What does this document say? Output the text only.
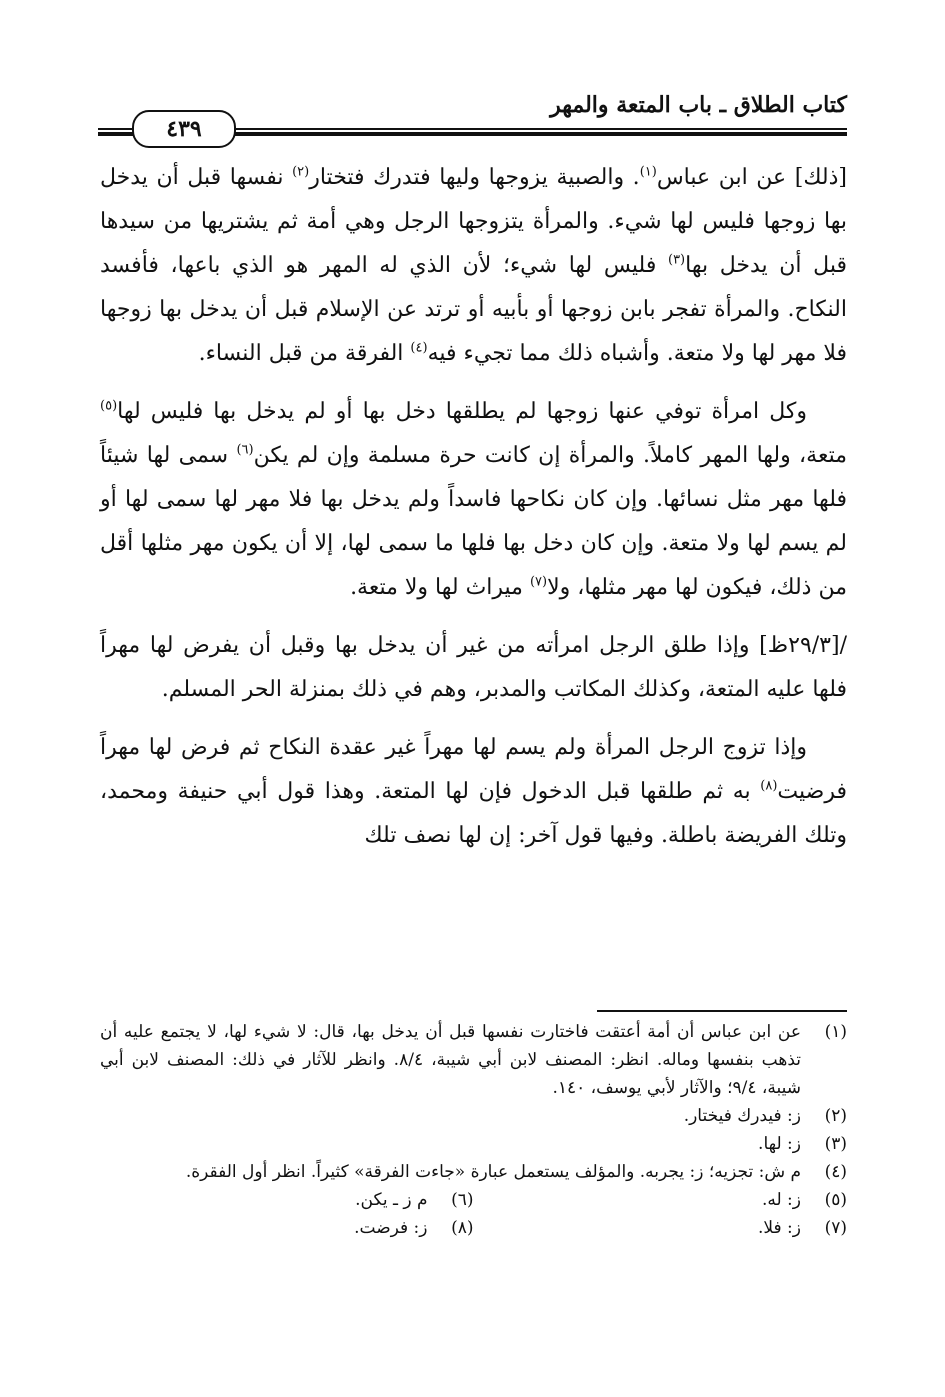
كتاب الطلاق ـ باب المتعة والمهر
٤٣٩

[ذلك] عن ابن عباس$^{(١)}$. والصبية يزوجها وليها فتدرك فتختار$^{(٢)}$ نفسها قبل أن يدخل بها زوجها فليس لها شيء. والمرأة يتزوجها الرجل وهي أمة ثم يشتريها من سيدها قبل أن يدخل بها$^{(٣)}$ فليس لها شيء؛ لأن الذي له المهر هو الذي باعها، فأفسد النكاح. والمرأة تفجر بابن زوجها أو بأبيه أو ترتد عن الإسلام قبل أن يدخل بها زوجها فلا مهر لها ولا متعة. وأشباه ذلك مما تجيء فيه$^{(٤)}$ الفرقة من قبل النساء.

وكل امرأة توفي عنها زوجها لم يطلقها دخل بها أو لم يدخل بها فليس لها$^{(٥)}$ متعة، ولها المهر كاملاً. والمرأة إن كانت حرة مسلمة وإن لم يكن$^{(٦)}$ سمى لها شيئاً فلها مهر مثل نسائها. وإن كان نكاحها فاسداً ولم يدخل بها فلا مهر لها سمى لها أو لم يسم لها ولا متعة. وإن كان دخل بها فلها ما سمى لها، إلا أن يكون مهر مثلها أقل من ذلك، فيكون لها مهر مثلها، ولا$^{(٧)}$ ميراث لها ولا متعة.

/[٢٩/٣ظ] وإذا طلق الرجل امرأته من غير أن يدخل بها وقبل أن يفرض لها مهراً فلها عليه المتعة، وكذلك المكاتب والمدبر، وهم في ذلك بمنزلة الحر المسلم.

وإذا تزوج الرجل المرأة ولم يسم لها مهراً غير عقدة النكاح ثم فرض لها مهراً فرضيت$^{(٨)}$ به ثم طلقها قبل الدخول فإن لها المتعة. وهذا قول أبي حنيفة ومحمد، وتلك الفريضة باطلة. وفيها قول آخر: إن لها نصف تلك

(١)
عن ابن عباس أن أمة أعتقت فاختارت نفسها قبل أن يدخل بها، قال: لا شيء لها، لا يجتمع عليه أن تذهب بنفسها وماله. انظر: المصنف لابن أبي شيبة، ٨/٤. وانظر للآثار في ذلك: المصنف لابن أبي شيبة، ٩/٤؛ والآثار لأبي يوسف، ١٤٠.
(٢)
ز: فيدرك فيختار.
(٣)
ز: لها.
(٤)
م ش: تجزيه؛ ز: يجربه. والمؤلف يستعمل عبارة «جاءت الفرقة» كثيراً. انظر أول الفقرة.
(٥)
ز: له.
(٦)
م ز ـ يكن.
(٧)
ز: فلا.
(٨)
ز: فرضت.
